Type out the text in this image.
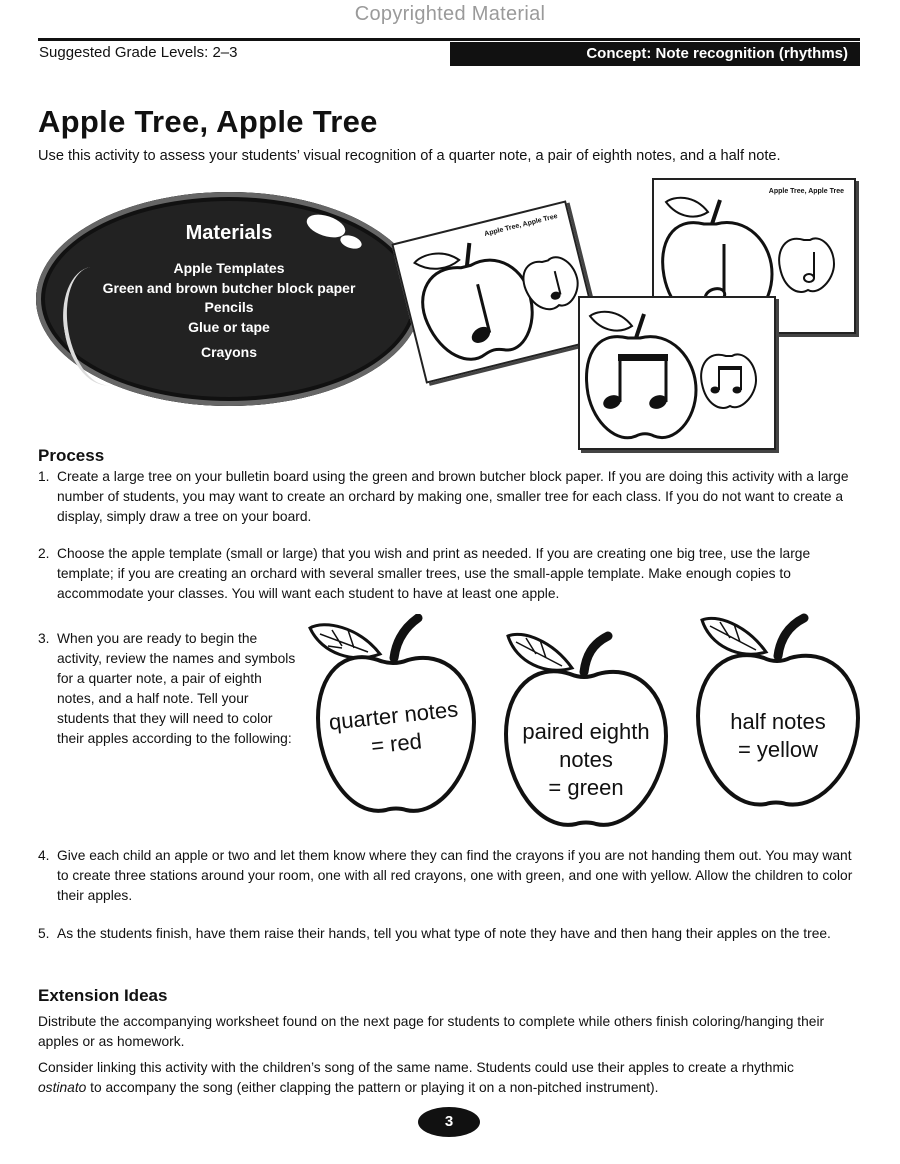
Copyrighted Material
Suggested Grade Levels: 2–3	Concept: Note recognition (rhythms)
Apple Tree, Apple Tree

Use this activity to assess your students’ visual recognition of a quarter note, a pair of eighth notes, and a half note.

Materials
Apple Templates
Green and brown butcher block paper
Pencils
Glue or tape
Crayons
Apple Tree, Apple Tree
Apple Tree, Apple Tree
Process

1. Create a large tree on your bulletin board using the green and brown butcher block paper. If you are doing this activity with a large number of students, you may want to create an orchard by making one, smaller tree for each class. If you do not want to create a display, simply draw a tree on your board.

2. Choose the apple template (small or large) that you wish and print as needed. If you are creating one big tree, use the large template; if you are creating an orchard with several smaller trees, use the small-apple template. Make enough copies to accommodate your classes. You will want each student to have at least one apple.

3. When you are ready to begin the activity, review the names and symbols for a quarter note, a pair of eighth notes, and a half note. Tell your students that they will need to color their apples according to the following:

quarter notes
= red	paired eighth
notes
= green
half notes
= yellow

4. Give each child an apple or two and let them know where they can find the crayons if you are not handing them out. You may want to create three stations around your room, one with all red crayons, one with green, and one with yellow. Allow the children to color their apples.

5. As the students finish, have them raise their hands, tell you what type of note they have and then hang their apples on the tree.

Extension Ideas

Distribute the accompanying worksheet found on the next page for students to complete while others finish coloring/hanging their apples or as homework.

Consider linking this activity with the children’s song of the same name. Students could use their apples to create a rhythmic ostinato to accompany the song (either clapping the pattern or playing it on a non-pitched instrument).

3
